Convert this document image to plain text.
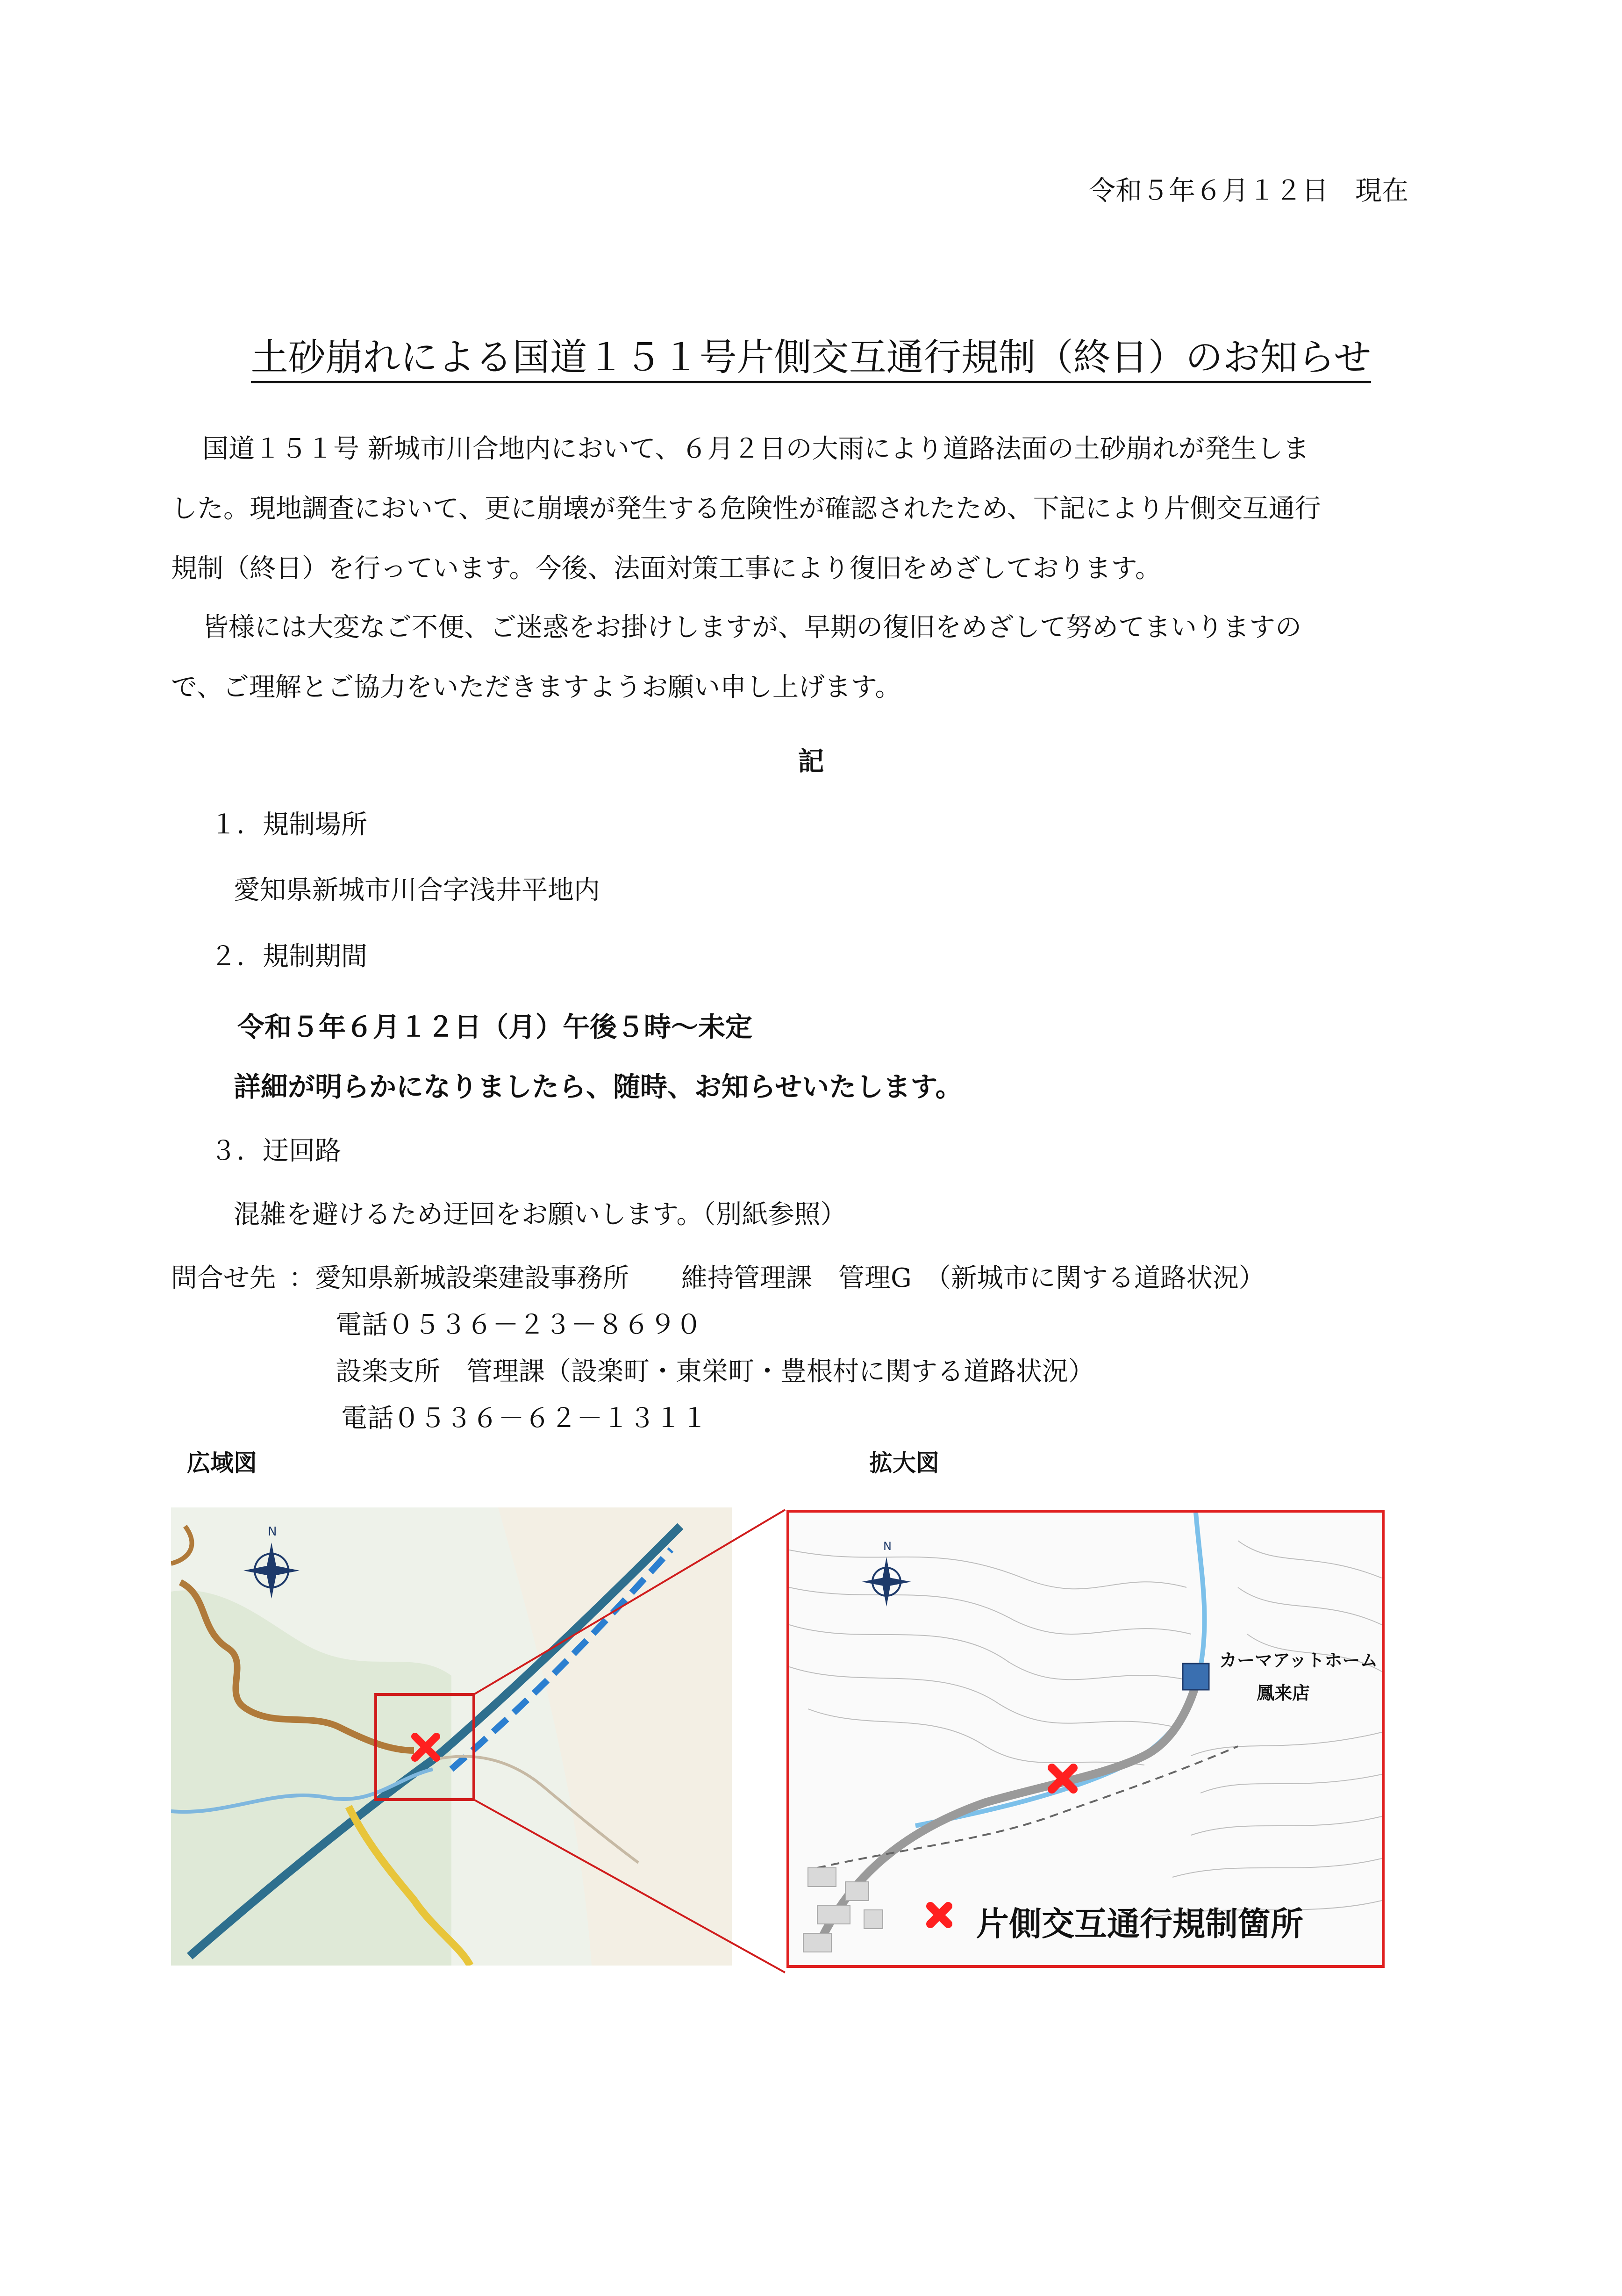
令和５年６月１２日　現在
土砂崩れによる国道１５１号片側交互通行規制（終日）のお知らせ
国道１５１号 新城市川合地内において、６月２日の大雨により道路法面の土砂崩れが発生しま
した。現地調査において、更に崩壊が発生する危険性が確認されたため、下記により片側交互通行
規制（終日）を行っています。今後、法面対策工事により復旧をめざしております。
皆様には大変なご不便、ご迷惑をお掛けしますが、早期の復旧をめざして努めてまいりますの
で、ご理解とご協力をいただきますようお願い申し上げます。
記
１．規制場所
愛知県新城市川合字浅井平地内
２．規制期間
令和５年６月１２日（月）午後５時～未定
詳細が明らかになりましたら、随時、お知らせいたします。
３．迂回路
混雑を避けるため迂回をお願いします。（別紙参照）
問合せ先 ：愛知県新城設楽建設事務所　　維持管理課　管理G　（新城市に関する道路状況）
電話０５３６－２３－８６９０
設楽支所　管理課（設楽町・東栄町・豊根村に関する道路状況）
電話０５３６－６２－１３１１
広域図	拡大図
N
N
カーマアットホーム
鳳来店
片側交互通行規制箇所
